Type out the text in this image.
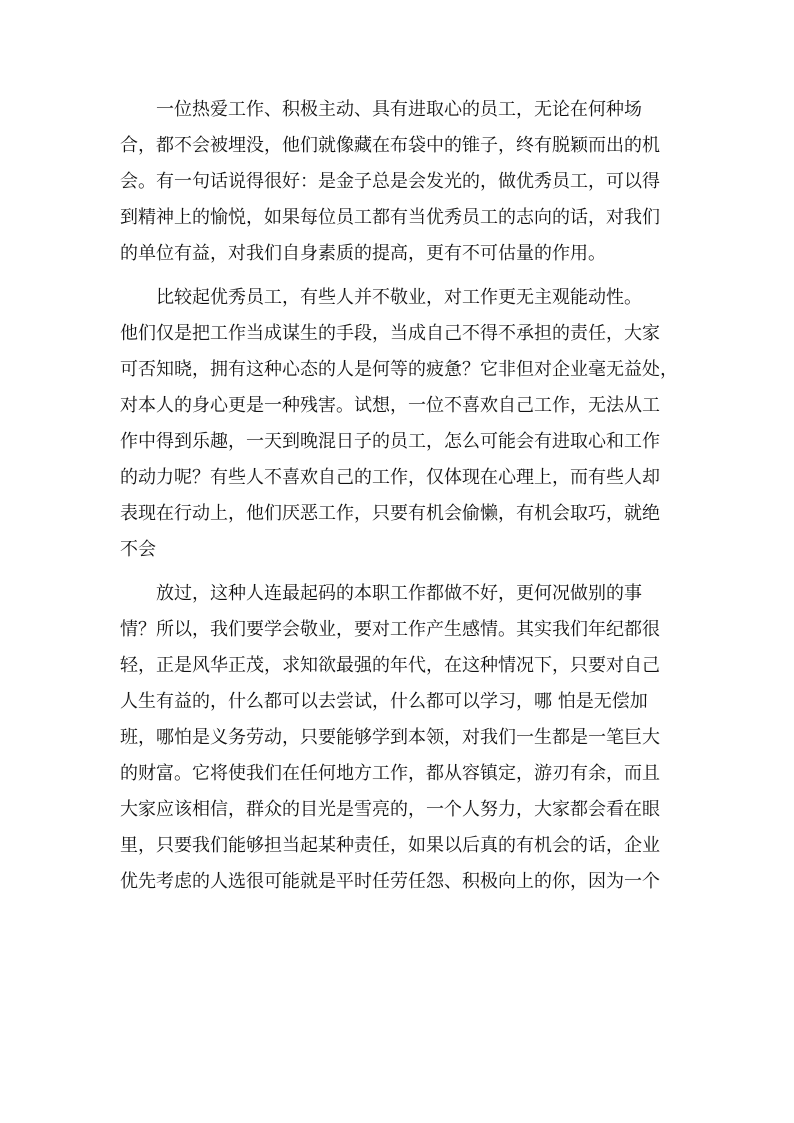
一位热爱工作、积极主动、具有进取心的员工，无论在何种场
合，都不会被埋没，他们就像藏在布袋中的锥子，终有脱颖而出的机
会。有一句话说得很好：是金子总是会发光的，做优秀员工，可以得
到精神上的愉悦，如果每位员工都有当优秀员工的志向的话，对我们
的单位有益，对我们自身素质的提高，更有不可估量的作用。
比较起优秀员工，有些人并不敬业，对工作更无主观能动性。
他们仅是把工作当成谋生的手段，当成自己不得不承担的责任，大家
可否知晓，拥有这种心态的人是何等的疲惫？它非但对企业毫无益处，
对本人的身心更是一种残害。试想，一位不喜欢自己工作，无法从工
作中得到乐趣，一天到晚混日子的员工，怎么可能会有进取心和工作
的动力呢？有些人不喜欢自己的工作，仅体现在心理上，而有些人却
表现在行动上，他们厌恶工作，只要有机会偷懒，有机会取巧，就绝
不会
放过，这种人连最起码的本职工作都做不好，更何况做别的事
情？所以，我们要学会敬业，要对工作产生感情。其实我们年纪都很
轻，正是风华正茂，求知欲最强的年代，在这种情况下，只要对自己
人生有益的，什么都可以去尝试，什么都可以学习，哪 怕是无偿加
班，哪怕是义务劳动，只要能够学到本领，对我们一生都是一笔巨大
的财富。它将使我们在任何地方工作，都从容镇定，游刃有余，而且
大家应该相信，群众的目光是雪亮的，一个人努力，大家都会看在眼
里，只要我们能够担当起某种责任，如果以后真的有机会的话，企业
优先考虑的人选很可能就是平时任劳任怨、积极向上的你，因为一个
